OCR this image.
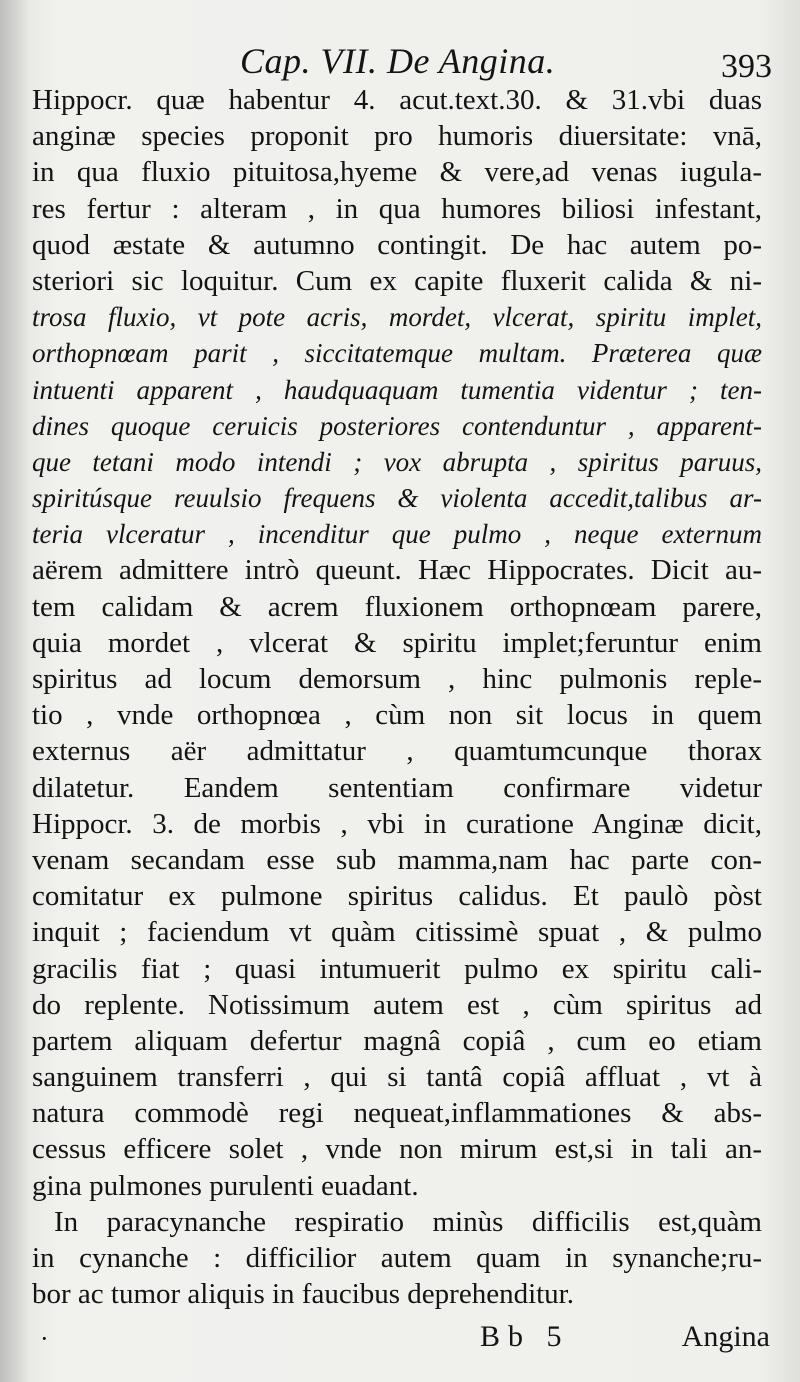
Cap. VII. De Angina.	393
Hippocr. quæ habentur 4. acut.text.30. & 31.vbi duas
anginæ species proponit pro humoris diuersitate: vnā,
in qua fluxio pituitosa,hyeme & vere,ad venas iugula-
res fertur : alteram , in qua humores biliosi infestant,
quod æstate & autumno contingit. De hac autem po-
steriori sic loquitur. Cum ex capite fluxerit calida & ni-
trosa fluxio, vt pote acris, mordet, vlcerat, spiritu implet,
orthopnœam parit , siccitatemque multam. Præterea quæ
intuenti apparent , haudquaquam tumentia videntur ; ten-
dines quoque ceruicis posteriores contenduntur , apparent-
que tetani modo intendi ; vox abrupta , spiritus paruus,
spiritúsque reuulsio frequens & violenta accedit,talibus ar-
teria vlceratur , incenditur que pulmo , neque externum
aërem admittere intrò queunt. Hæc Hippocrates. Dicit au-
tem calidam & acrem fluxionem orthopnœam parere,
quia mordet , vlcerat & spiritu implet;feruntur enim
spiritus ad locum demorsum , hinc pulmonis reple-
tio , vnde orthopnœa , cùm non sit locus in quem
externus aër admittatur , quamtumcunque thorax
dilatetur. Eandem sententiam confirmare videtur
Hippocr. 3. de morbis , vbi in curatione Anginæ dicit,
venam secandam esse sub mamma,nam hac parte con-
comitatur ex pulmone spiritus calidus. Et paulò pòst
inquit ; faciendum vt quàm citissimè spuat , & pulmo
gracilis fiat ; quasi intumuerit pulmo ex spiritu cali-
do replente. Notissimum autem est , cùm spiritus ad
partem aliquam defertur magnâ copiâ , cum eo etiam
sanguinem transferri , qui si tantâ copiâ affluat , vt à
natura commodè regi nequeat,inflammationes & abs-
cessus efficere solet , vnde non mirum est,si in tali an-
gina pulmones purulenti euadant.
In paracynanche respiratio minùs difficilis est,quàm
in cynanche : difficilior autem quam in synanche;ru-
bor ac tumor aliquis in faucibus deprehenditur.
·	Bb 5	Angina
